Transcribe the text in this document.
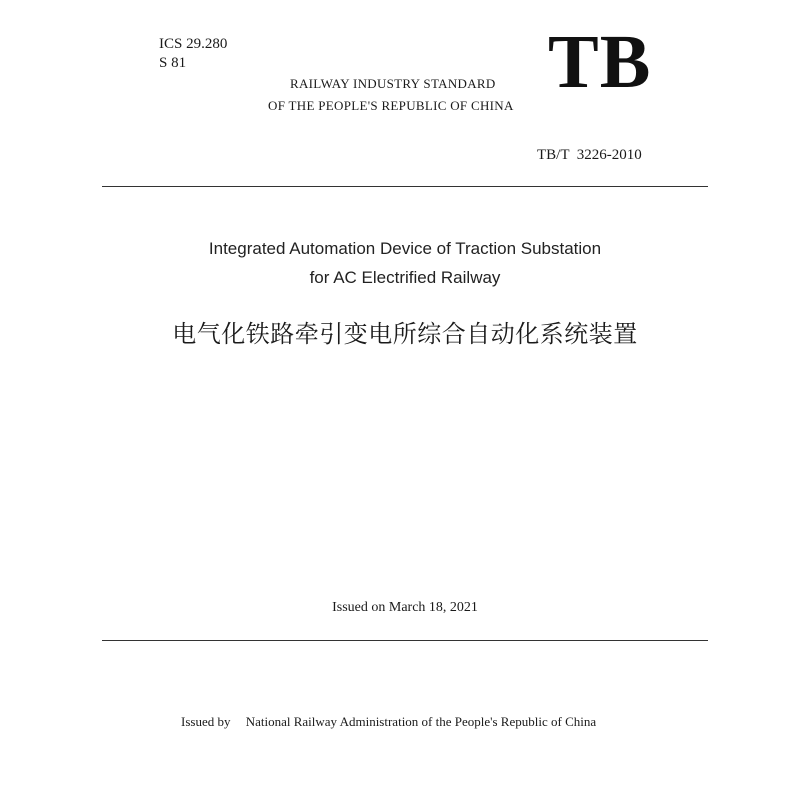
ICS 29.280
S 81	TB
RAILWAY INDUSTRY STANDARD
OF THE PEOPLE'S REPUBLIC OF CHINA
TB/T  3226-2010
Integrated Automation Device of Traction Substation
for AC Electrified Railway
电气化铁路牵引变电所综合自动化系统装置
Issued on March 18, 2021
Issued by National Railway Administration of the People's Republic of China
